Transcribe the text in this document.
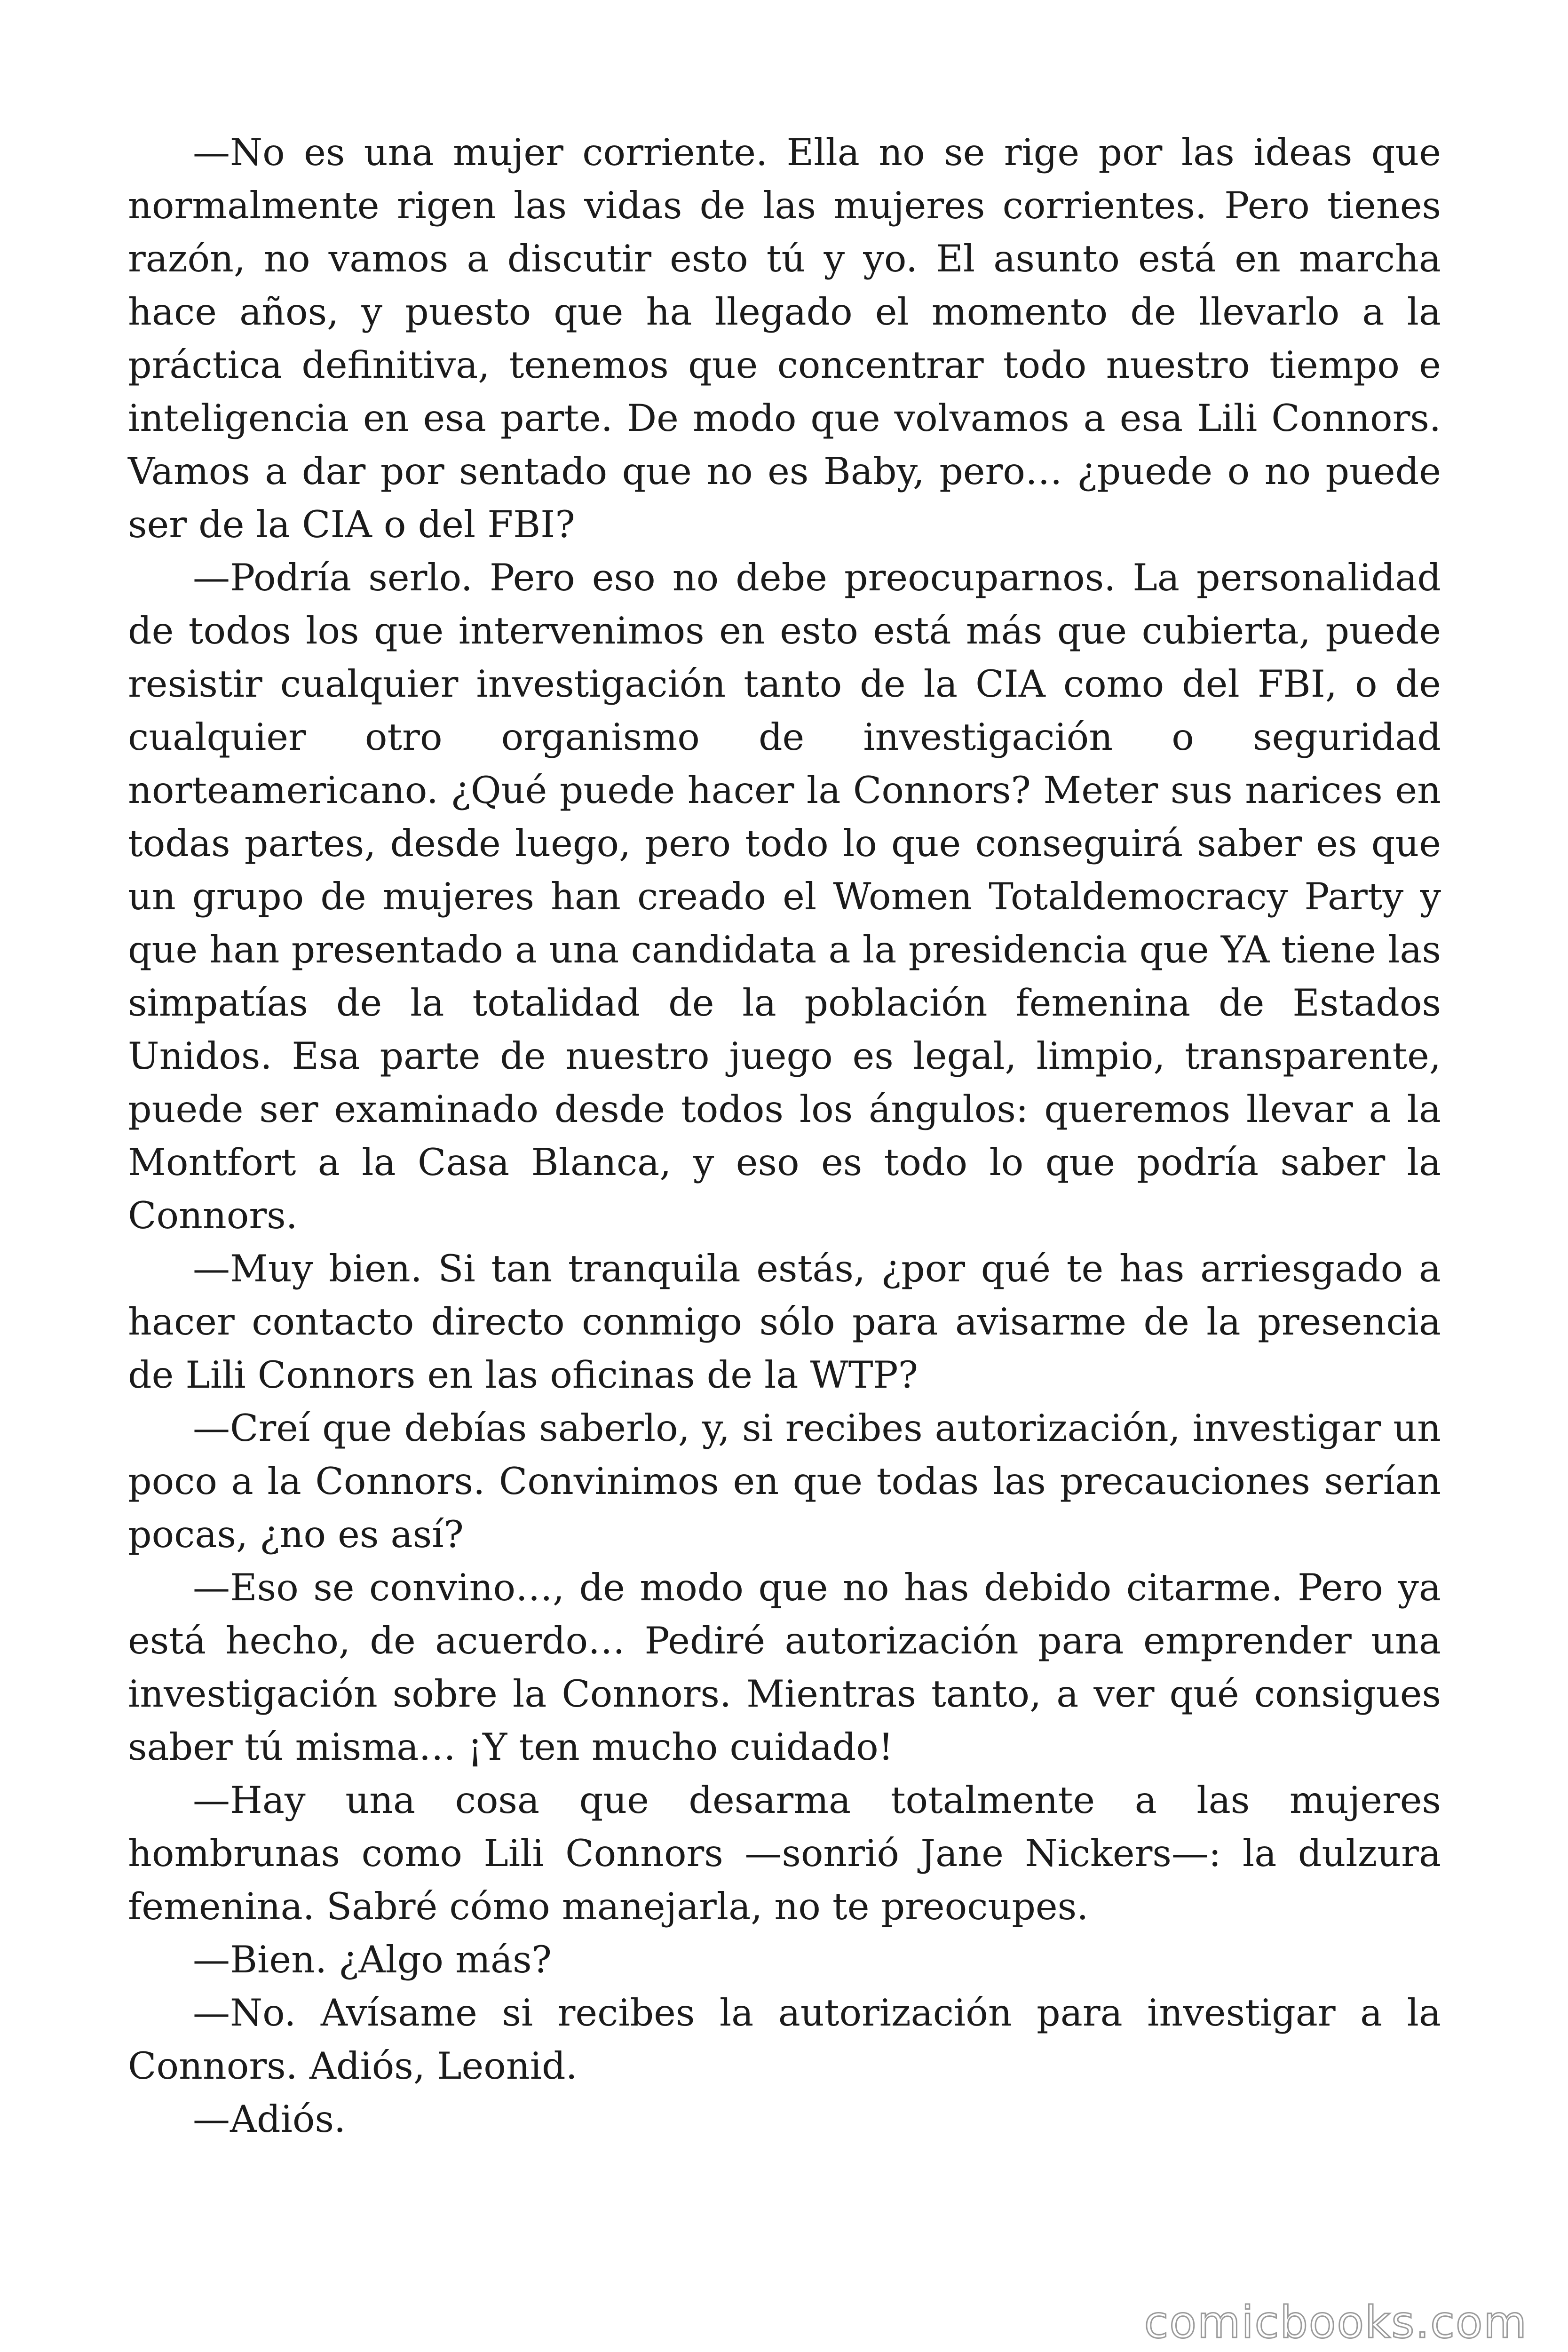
—No es una mujer corriente. Ella no se rige por las ideas que normalmente rigen las vidas de las mujeres corrientes. Pero tienes razón, no vamos a discutir esto tú y yo. El asunto está en marcha hace años, y puesto que ha llegado el momento de llevarlo a la práctica definitiva, tenemos que concentrar todo nuestro tiempo e inteligencia en esa parte. De modo que volvamos a esa Lili Connors. Vamos a dar por sentado que no es Baby, pero… ¿puede o no puede ser de la CIA o del FBI?

—Podría serlo. Pero eso no debe preocuparnos. La personalidad de todos los que intervenimos en esto está más que cubierta, puede resistir cualquier investigación tanto de la CIA como del FBI, o de cualquier otro organismo de investigación o seguridad norteamericano. ¿Qué puede hacer la Connors? Meter sus narices en todas partes, desde luego, pero todo lo que conseguirá saber es que un grupo de mujeres han creado el Women Totaldemocracy Party y que han presentado a una candidata a la presidencia que YA tiene las simpatías de la totalidad de la población femenina de Estados Unidos. Esa parte de nuestro juego es legal, limpio, transparente, puede ser examinado desde todos los ángulos: queremos llevar a la Montfort a la Casa Blanca, y eso es todo lo que podría saber la Connors.

—Muy bien. Si tan tranquila estás, ¿por qué te has arriesgado a hacer contacto directo conmigo sólo para avisarme de la presencia de Lili Connors en las oficinas de la WTP?

—Creí que debías saberlo, y, si recibes autorización, investigar un poco a la Connors. Convinimos en que todas las precauciones serían pocas, ¿no es así?

—Eso se convino…, de modo que no has debido citarme. Pero ya está hecho, de acuerdo… Pediré autorización para emprender una investigación sobre la Connors. Mientras tanto, a ver qué consigues saber tú misma… ¡Y ten mucho cuidado!

—Hay una cosa que desarma totalmente a las mujeres hombrunas como Lili Connors —sonrió Jane Nickers—: la dulzura femenina. Sabré cómo manejarla, no te preocupes.

—Bien. ¿Algo más?

—No. Avísame si recibes la autorización para investigar a la Connors. Adiós, Leonid.

—Adiós.

comicbooks.com
